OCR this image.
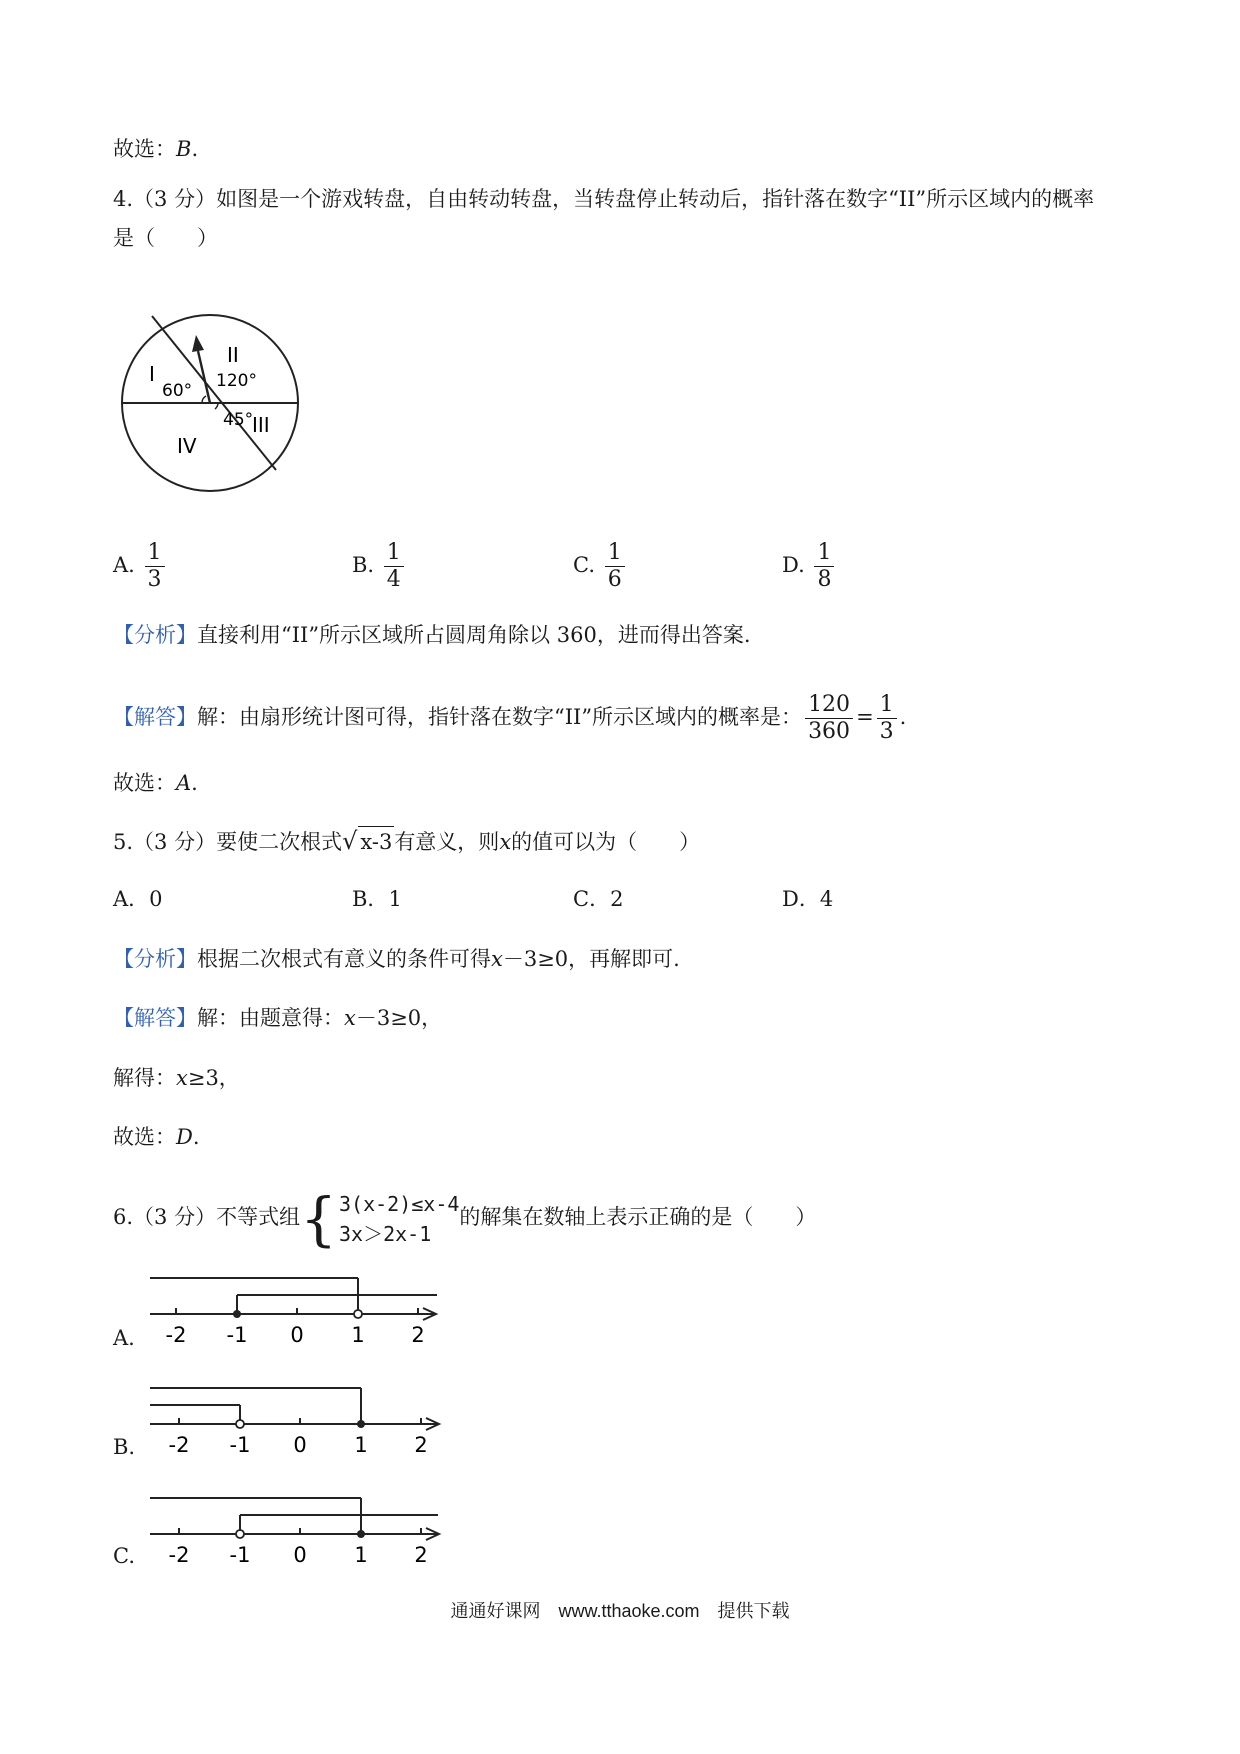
故选：B.
4.（3 分）如图是一个游戏转盘，自由转动转盘，当转盘停止转动后，指针落在数字“II”所示区域内的概率
是（　　）
I
II
III
IV
60° 120°
45°
A. $\frac{1}{3}$	B. $\frac{1}{4}$	C. $\frac{1}{6}$	D. $\frac{1}{8}$
【分析】直接利用“II”所示区域所占圆周角除以 360，进而得出答案.
【解答】解：由扇形统计图可得，指针落在数字“II”所示区域内的概率是： $\frac{120}{360} = \frac{1}{3}$ .
故选：A.
5.（3 分）要使二次根式√ x-3有意义，则x的值可以为（　　）
A．0	B．1	C．2	D．4
【分析】根据二次根式有意义的条件可得x－3≥0，再解即可.
【解答】解：由题意得：x－3≥0，
解得：x≥3，
故选：D.
6.（3 分）不等式组 { 3(x-2)≤x-4
3x＞2x-1
的解集在数轴上表示正确的是（　　）
A. -2 -1 0 1 2
B. -2 -1 0 1 2
C. -2 -1 0 1 2
通通好课网　www.tthaoke.com　提供下载
